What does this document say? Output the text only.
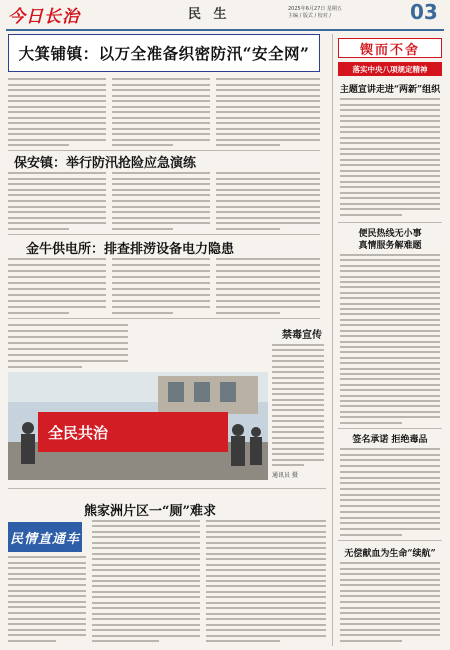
今日长治	民 生	2025年6月27日 星期五
主编 / 版式 / 校对 /	03
大箕铺镇：以万全准备织密防汛“安全网”
保安镇：举行防汛抢险应急演练
金牛供电所：排查排涝设备电力隐患
禁毒宣传
全民共治
通讯员 摄
熊家洲片区一“厕”难求
民情直通车
锲而不舍
落实中央八项规定精神
主题宣讲走进“两新”组织
便民热线无小事
真情服务解难题
签名承诺 拒绝毒品
无偿献血为生命“续航”
